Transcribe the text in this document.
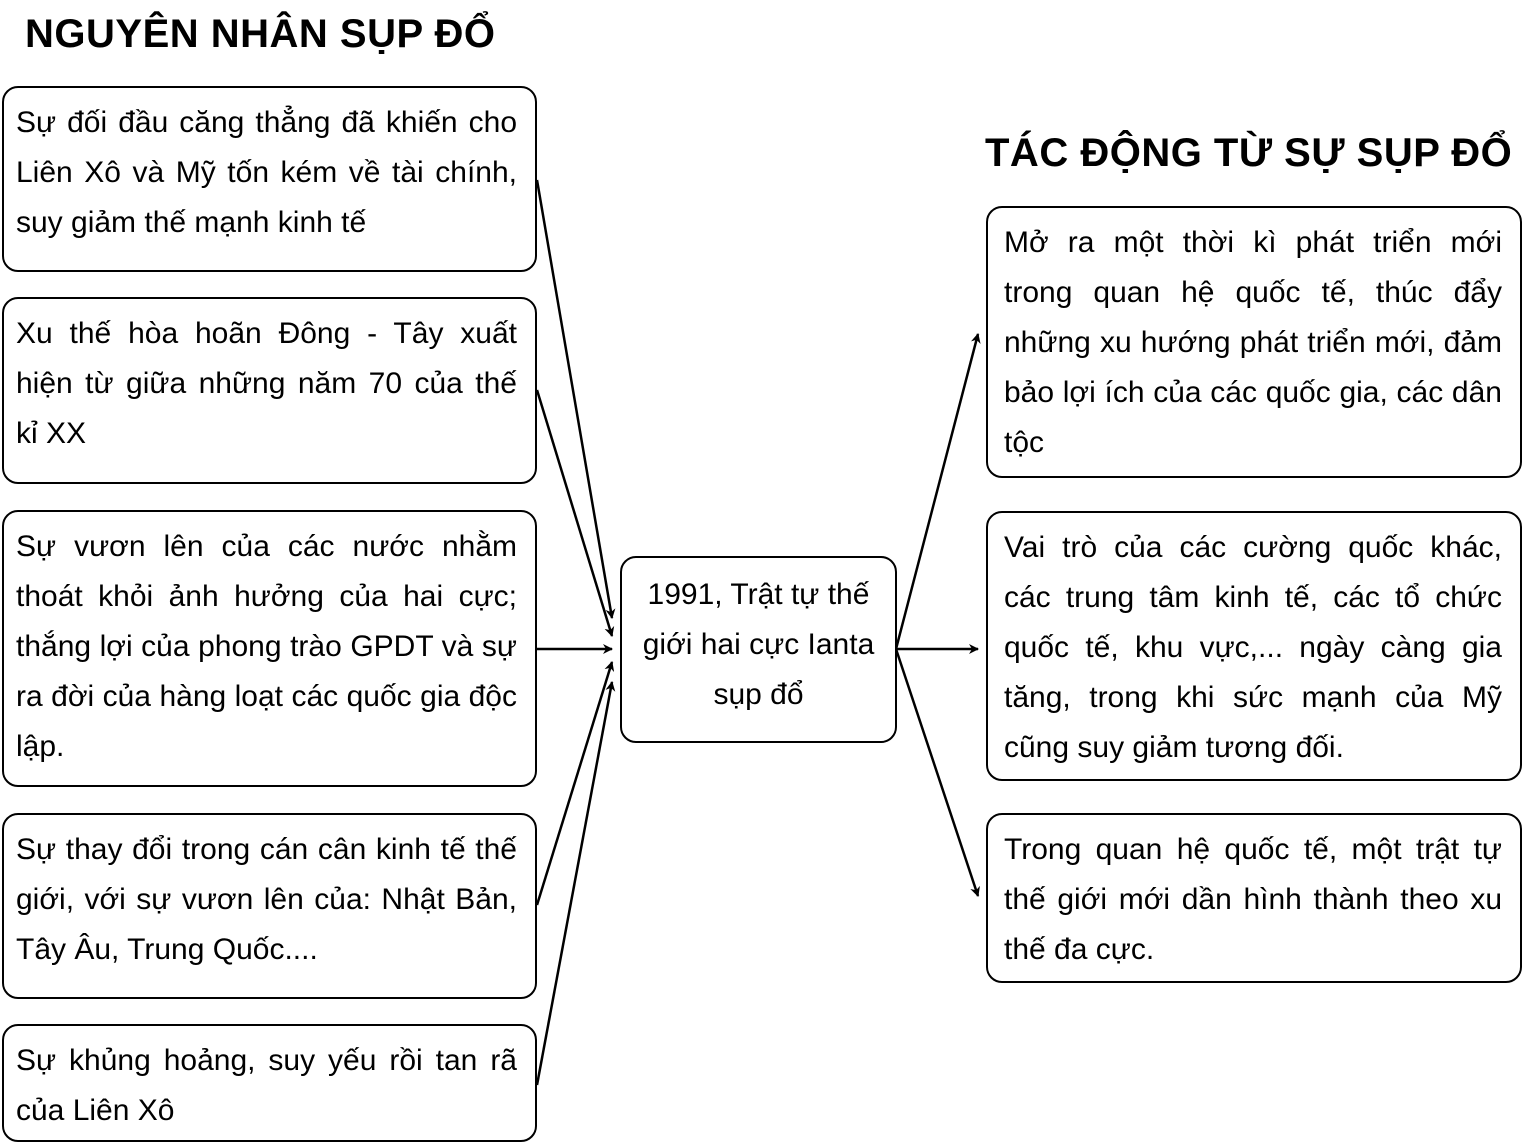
NGUYÊN NHÂN SỤP ĐỔ
TÁC ĐỘNG TỪ SỰ SỤP ĐỔ
Sự đối đầu căng thẳng đã khiến cho Liên Xô và Mỹ tốn kém về tài chính, suy giảm thế mạnh kinh tế
Xu thế hòa hoãn Đông - Tây xuất hiện từ giữa những năm 70 của thế kỉ XX
Sự vươn lên của các nước nhằm thoát khỏi ảnh hưởng của hai cực; thắng lợi của phong trào GPDT và sự ra đời của hàng loạt các quốc gia độc lập.
Sự thay đổi trong cán cân kinh tế thế giới, với sự vươn lên của: Nhật Bản, Tây Âu, Trung Quốc....
Sự khủng hoảng, suy yếu rồi tan rã của Liên Xô
1991, Trật tự thế giới hai cực Ianta sụp đổ
Mở ra một thời kì phát triển mới trong quan hệ quốc tế, thúc đẩy những xu hướng phát triển mới, đảm bảo lợi ích của các quốc gia, các dân tộc
Vai trò của các cường quốc khác, các trung tâm kinh tế, các tổ chức quốc tế, khu vực,... ngày càng gia tăng, trong khi sức mạnh của Mỹ cũng suy giảm tương đối.
Trong quan hệ quốc tế, một trật tự thế giới mới dần hình thành theo xu thế đa cực.
